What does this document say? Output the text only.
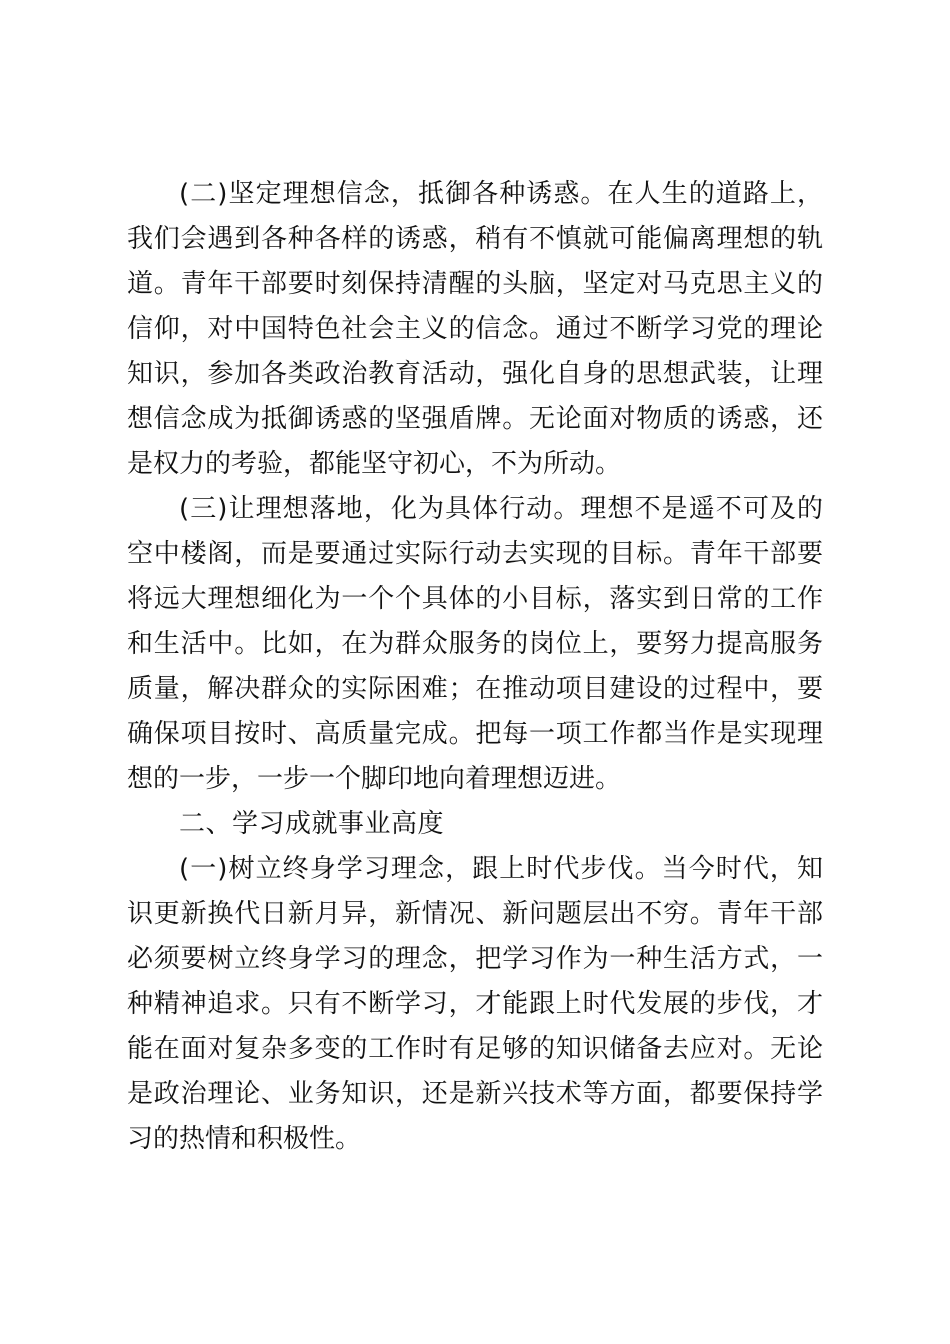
(二)坚定理想信念，抵御各种诱惑。在人生的道路上，我们会遇到各种各样的诱惑，稍有不慎就可能偏离理想的轨道。青年干部要时刻保持清醒的头脑，坚定对马克思主义的信仰，对中国特色社会主义的信念。通过不断学习党的理论知识，参加各类政治教育活动，强化自身的思想武装，让理想信念成为抵御诱惑的坚强盾牌。无论面对物质的诱惑，还是权力的考验，都能坚守初心，不为所动。

(三)让理想落地，化为具体行动。理想不是遥不可及的空中楼阁，而是要通过实际行动去实现的目标。青年干部要将远大理想细化为一个个具体的小目标，落实到日常的工作和生活中。比如，在为群众服务的岗位上，要努力提高服务质量，解决群众的实际困难；在推动项目建设的过程中，要确保项目按时、高质量完成。把每一项工作都当作是实现理想的一步，一步一个脚印地向着理想迈进。

二、学习成就事业高度

(一)树立终身学习理念，跟上时代步伐。当今时代，知识更新换代日新月异，新情况、新问题层出不穷。青年干部必须要树立终身学习的理念，把学习作为一种生活方式，一种精神追求。只有不断学习，才能跟上时代发展的步伐，才能在面对复杂多变的工作时有足够的知识储备去应对。无论是政治理论、业务知识，还是新兴技术等方面，都要保持学习的热情和积极性。
